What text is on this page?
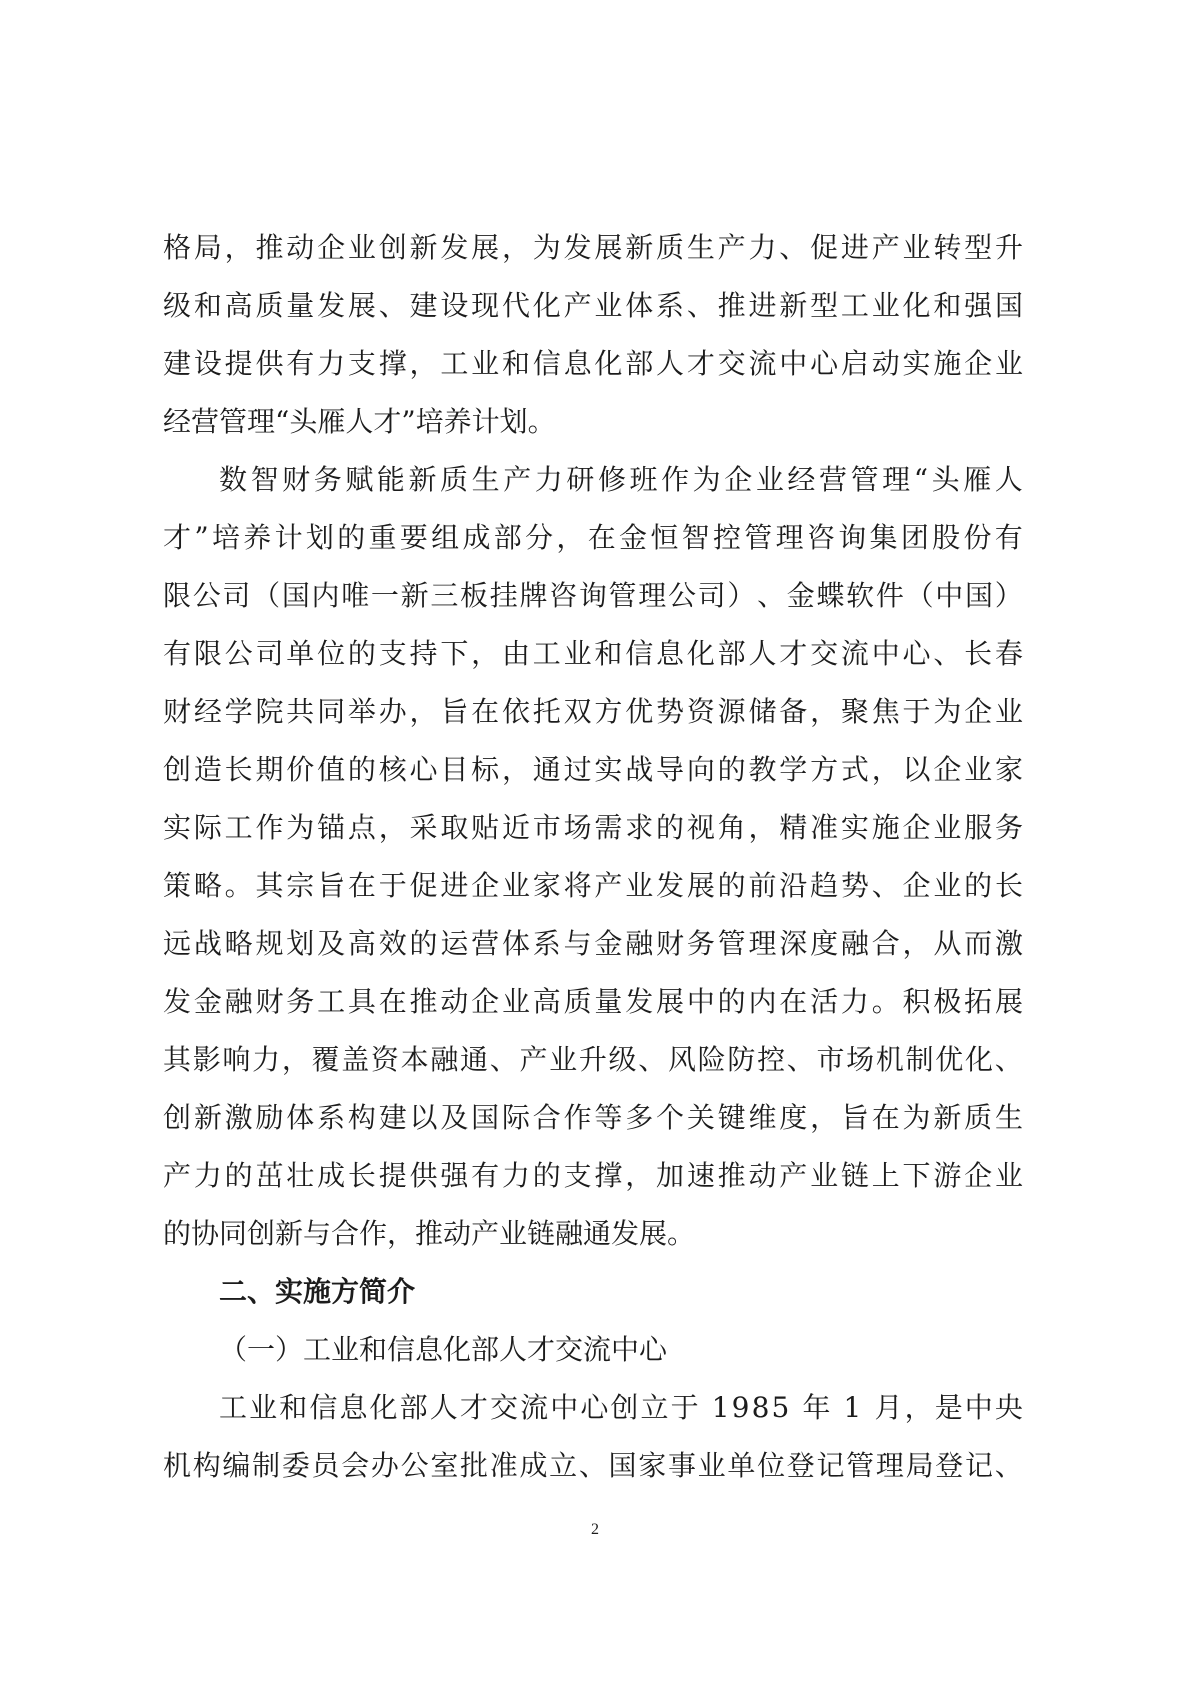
格 局 ， 推 动 企 业 创 新 发 展 ， 为 发 展 新 质 生 产 力 、 促 进 产 业 转 型 升
级 和 高 质 量 发 展 、 建 设 现 代 化 产 业 体 系 、 推 进 新 型 工 业 化 和 强 国
建 设 提 供 有 力 支 撑 ， 工 业 和 信 息 化 部 人 才 交 流 中 心 启 动 实 施 企 业
经营管理“头雁人才”培养计划。
数 智 财 务 赋 能 新 质 生 产 力 研 修 班 作 为 企 业 经 营 管 理 “ 头 雁 人
才 ” 培 养 计 划 的 重 要 组 成 部 分 ， 在 金 恒 智 控 管 理 咨 询 集 团 股 份 有
限 公 司 （ 国 内 唯 一 新 三 板 挂 牌 咨 询 管 理 公 司 ） 、 金 蝶 软 件 （ 中 国 ）
有 限 公 司 单 位 的 支 持 下 ， 由 工 业 和 信 息 化 部 人 才 交 流 中 心 、 长 春
财 经 学 院 共 同 举 办 ， 旨 在 依 托 双 方 优 势 资 源 储 备 ， 聚 焦 于 为 企 业
创 造 长 期 价 值 的 核 心 目 标 ， 通 过 实 战 导 向 的 教 学 方 式 ， 以 企 业 家
实 际 工 作 为 锚 点 ， 采 取 贴 近 市 场 需 求 的 视 角 ， 精 准 实 施 企 业 服 务
策 略 。 其 宗 旨 在 于 促 进 企 业 家 将 产 业 发 展 的 前 沿 趋 势 、 企 业 的 长
远 战 略 规 划 及 高 效 的 运 营 体 系 与 金 融 财 务 管 理 深 度 融 合 ， 从 而 激
发 金 融 财 务 工 具 在 推 动 企 业 高 质 量 发 展 中 的 内 在 活 力 。 积 极 拓 展
其 影 响 力 ， 覆 盖 资 本 融 通 、 产 业 升 级 、 风 险 防 控 、 市 场 机 制 优 化 、
创 新 激 励 体 系 构 建 以 及 国 际 合 作 等 多 个 关 键 维 度 ， 旨 在 为 新 质 生
产 力 的 茁 壮 成 长 提 供 强 有 力 的 支 撑 ， 加 速 推 动 产 业 链 上 下 游 企 业
的协同创新与合作，推动产业链融通发展。
二、实施方简介
（一）工业和信息化部人才交流中心
工 业 和 信 息 化 部 人 才 交 流 中 心 创 立 于
1 9 8 5
年
1
月 ， 是 中 央
机 构 编 制 委 员 会 办 公 室 批 准 成 立 、 国 家 事 业 单 位 登 记 管 理 局 登 记 、
2
